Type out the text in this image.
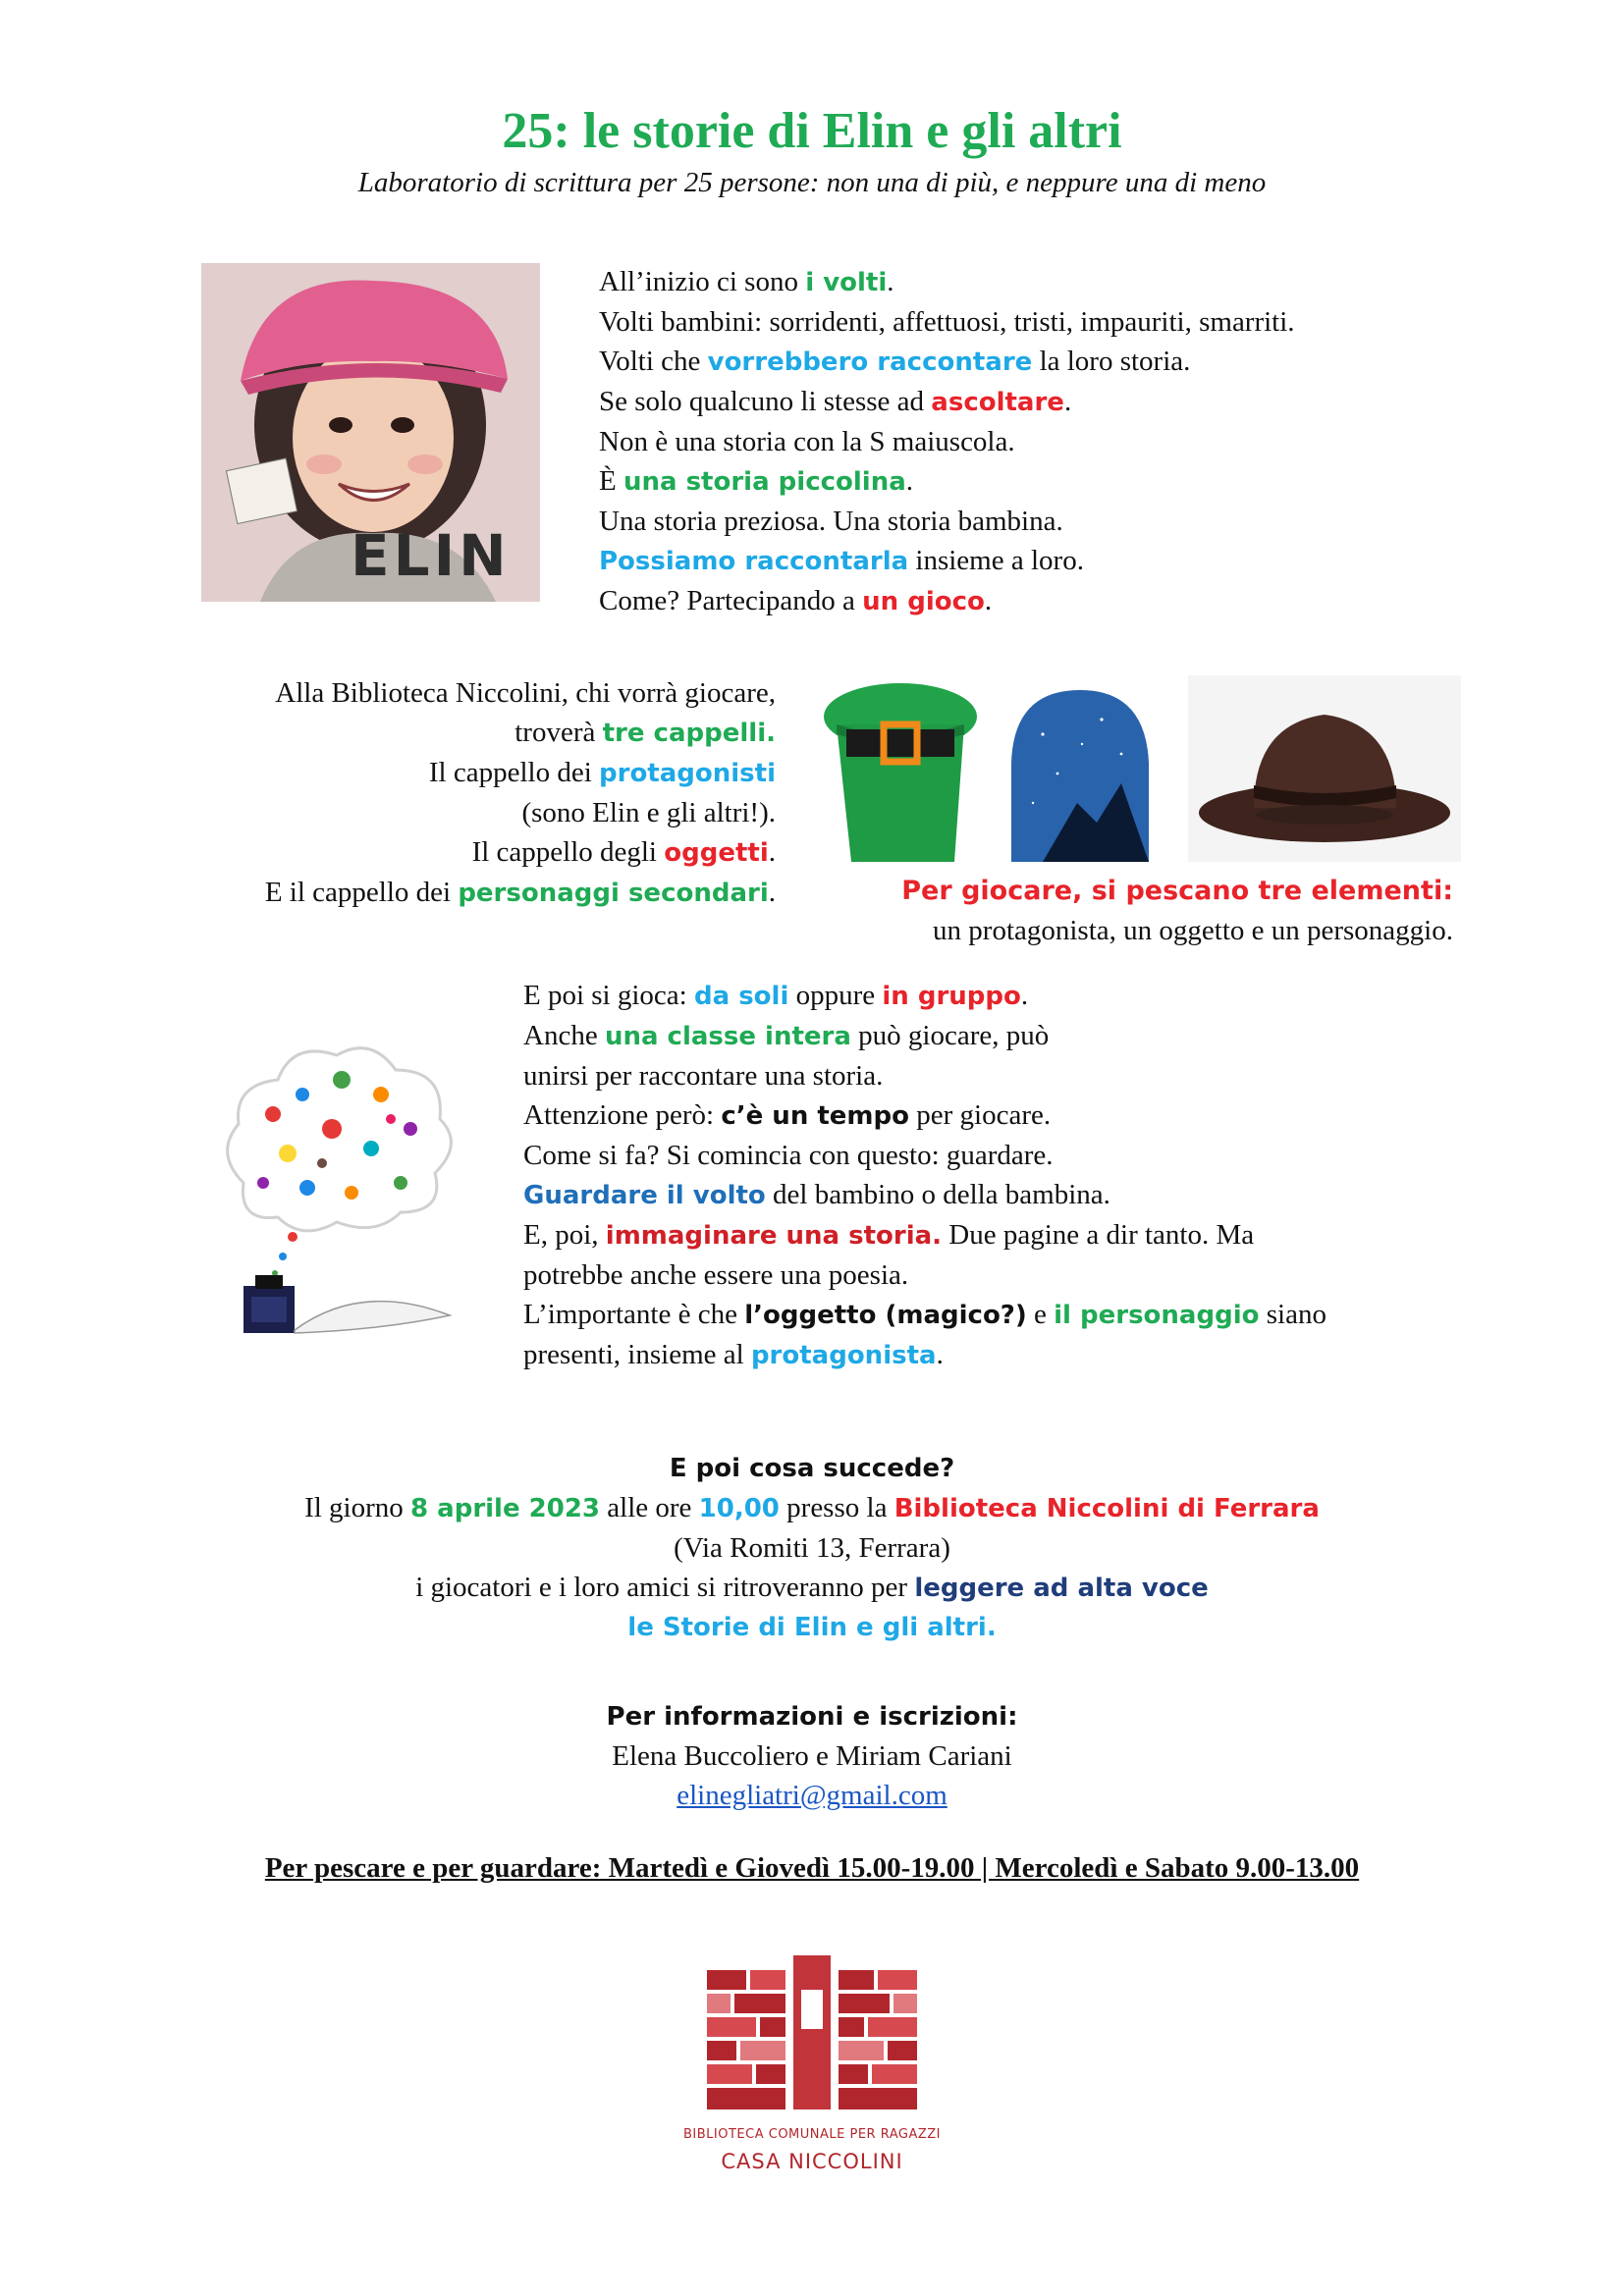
25: le storie di Elin e gli altri
Laboratorio di scrittura per 25 persone: non una di più, e neppure una di meno
ELIN
All’inizio ci sono i volti.
Volti bambini: sorridenti, affettuosi, tristi, impauriti, smarriti.
Volti che vorrebbero raccontare la loro storia.
Se solo qualcuno li stesse ad ascoltare.
Non è una storia con la S maiuscola.
È una storia piccolina.
Una storia preziosa. Una storia bambina.
Possiamo raccontarla insieme a loro.
Come? Partecipando a un gioco.
Alla Biblioteca Niccolini, chi vorrà giocare,
troverà tre cappelli.
Il cappello dei protagonisti
(sono Elin e gli altri!).
Il cappello degli oggetti.
E il cappello dei personaggi secondari.	Per giocare, si pescano tre elementi:
un protagonista, un oggetto e un personaggio.
E poi si gioca: da soli oppure in gruppo.
Anche una classe intera può giocare, può
unirsi per raccontare una storia.
Attenzione però: c’è un tempo per giocare.
Come si fa? Si comincia con questo: guardare.
Guardare il volto del bambino o della bambina.
E, poi, immaginare una storia. Due pagine a dir tanto. Ma
potrebbe anche essere una poesia.
L’importante è che l’oggetto (magico?) e il personaggio siano
presenti, insieme al protagonista.
E poi cosa succede?
Il giorno 8 aprile 2023 alle ore 10,00 presso la Biblioteca Niccolini di Ferrara
(Via Romiti 13, Ferrara)
i giocatori e i loro amici si ritroveranno per leggere ad alta voce
le Storie di Elin e gli altri.
Per informazioni e iscrizioni:
Elena Buccoliero e Miriam Cariani
elinegliatri@gmail.com
Per pescare e per guardare: Martedì e Giovedì 15.00-19.00 | Mercoledì e Sabato 9.00-13.00
BIBLIOTECA COMUNALE PER RAGAZZI
CASA NICCOLINI
